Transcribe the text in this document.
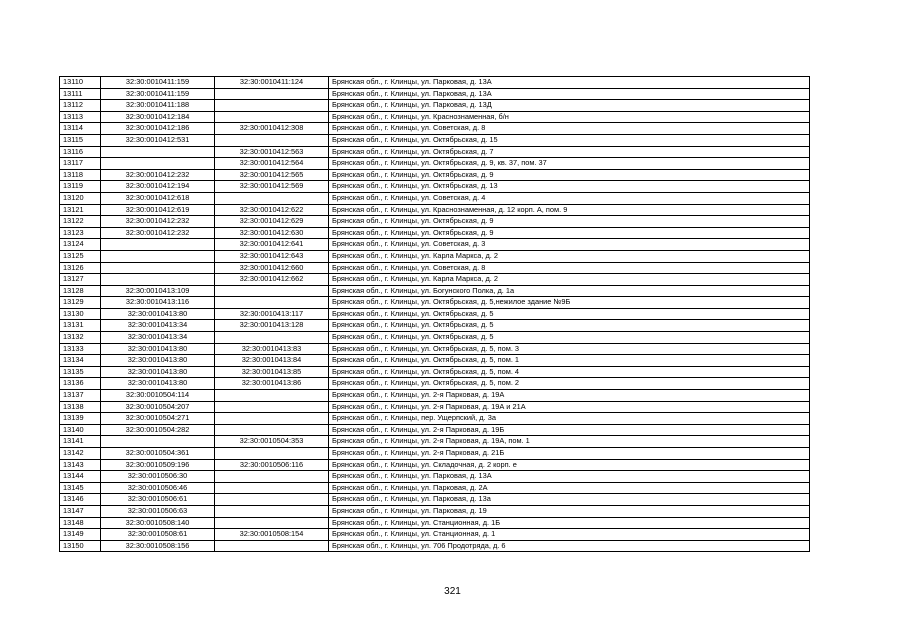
13110	32:30:0010411:159	32:30:0010411:124	Брянская обл., г. Клинцы, ул. Парковая, д. 13А
13111	32:30:0010411:159		Брянская обл., г. Клинцы, ул. Парковая, д. 13А
13112	32:30:0010411:188		Брянская обл., г. Клинцы, ул. Парковая, д. 13Д
13113	32:30:0010412:184		Брянская обл., г. Клинцы, ул. Краснознаменная, б/н
13114	32:30:0010412:186	32:30:0010412:308	Брянская обл., г. Клинцы, ул. Советская, д. 8
13115	32:30:0010412:531		Брянская обл., г. Клинцы, ул. Октябрьская, д. 15
13116		32:30:0010412:563	Брянская обл., г. Клинцы, ул. Октябрьская, д. 7
13117		32:30:0010412:564	Брянская обл., г. Клинцы, ул. Октябрьская, д. 9, кв. 37, пом. 37
13118	32:30:0010412:232	32:30:0010412:565	Брянская обл., г. Клинцы, ул. Октябрьская, д. 9
13119	32:30:0010412:194	32:30:0010412:569	Брянская обл., г. Клинцы, ул. Октябрьская, д. 13
13120	32:30:0010412:618		Брянская обл., г. Клинцы, ул. Советская, д. 4
13121	32:30:0010412:619	32:30:0010412:622	Брянская обл., г. Клинцы, ул. Краснознаменная, д. 12 корп. А, пом. 9
13122	32:30:0010412:232	32:30:0010412:629	Брянская обл., г. Клинцы, ул. Октябрьская, д. 9
13123	32:30:0010412:232	32:30:0010412:630	Брянская обл., г. Клинцы, ул. Октябрьская, д. 9
13124		32:30:0010412:641	Брянская обл., г. Клинцы, ул. Советская, д. 3
13125		32:30:0010412:643	Брянская обл., г. Клинцы, ул. Карла Маркса, д. 2
13126		32:30:0010412:660	Брянская обл., г. Клинцы, ул. Советская, д. 8
13127		32:30:0010412:662	Брянская обл., г. Клинцы, ул. Карла Маркса, д. 2
13128	32:30:0010413:109		Брянская обл., г. Клинцы, ул. Богунского Полка, д. 1а
13129	32:30:0010413:116		Брянская обл., г. Клинцы, ул. Октябрьская, д. 5,нежилое здание №9Б
13130	32:30:0010413:80	32:30:0010413:117	Брянская обл., г. Клинцы, ул. Октябрьская, д. 5
13131	32:30:0010413:34	32:30:0010413:128	Брянская обл., г. Клинцы, ул. Октябрьская, д. 5
13132	32:30:0010413:34		Брянская обл., г. Клинцы, ул. Октябрьская, д. 5
13133	32:30:0010413:80	32:30:0010413:83	Брянская обл., г. Клинцы, ул. Октябрьская, д. 5, пом. 3
13134	32:30:0010413:80	32:30:0010413:84	Брянская обл., г. Клинцы, ул. Октябрьская, д. 5, пом. 1
13135	32:30:0010413:80	32:30:0010413:85	Брянская обл., г. Клинцы, ул. Октябрьская, д. 5, пом. 4
13136	32:30:0010413:80	32:30:0010413:86	Брянская обл., г. Клинцы, ул. Октябрьская, д. 5, пом. 2
13137	32:30:0010504:114		Брянская обл., г. Клинцы, ул. 2-я Парковая, д. 19А
13138	32:30:0010504:207		Брянская обл., г. Клинцы, ул. 2-я Парковая, д. 19А и 21А
13139	32:30:0010504:271		Брянская обл., г. Клинцы, пер. Ущерпский, д. 3а
13140	32:30:0010504:282		Брянская обл., г. Клинцы, ул. 2-я Парковая, д. 19Б
13141		32:30:0010504:353	Брянская обл., г. Клинцы, ул. 2-я Парковая, д. 19А, пом. 1
13142	32:30:0010504:361		Брянская обл., г. Клинцы, ул. 2-я Парковая, д. 21Б
13143	32:30:0010509:196	32:30:0010506:116	Брянская обл., г. Клинцы, ул. Складочная, д. 2 корп. е
13144	32:30:0010506:30		Брянская обл., г. Клинцы, ул. Парковая, д. 13А
13145	32:30:0010506:46		Брянская обл., г. Клинцы, ул. Парковая, д. 2А
13146	32:30:0010506:61		Брянская обл., г. Клинцы, ул. Парковая, д. 13а
13147	32:30:0010506:63		Брянская обл., г. Клинцы, ул. Парковая, д. 19
13148	32:30:0010508:140		Брянская обл., г. Клинцы, ул. Станционная, д. 1Б
13149	32:30:0010508:61	32:30:0010508:154	Брянская обл., г. Клинцы, ул. Станционная, д. 1
13150	32:30:0010508:156		Брянская обл., г. Клинцы, ул. 706 Продотряда, д. 6
321
